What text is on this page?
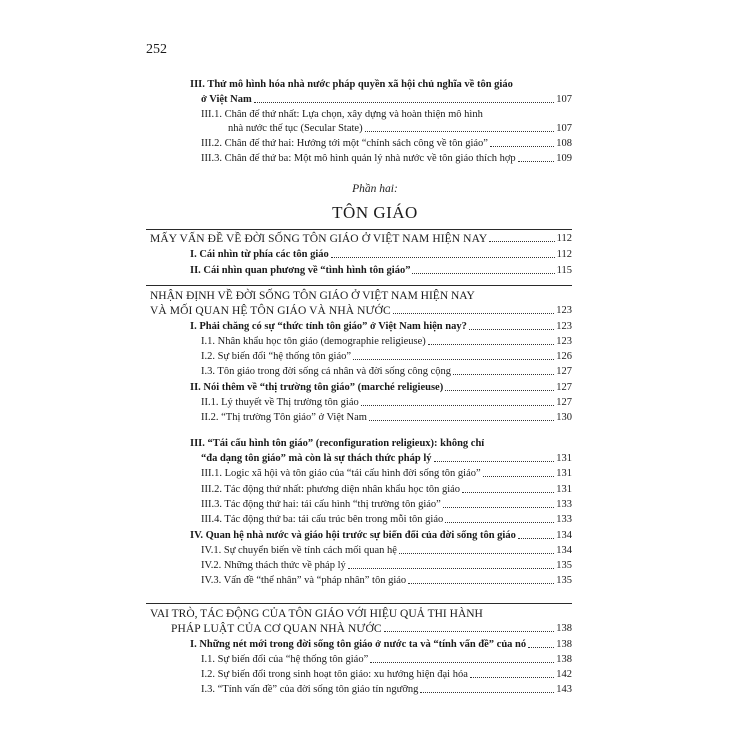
252
Phần hai:
TÔN GIÁO
III. Thử mô hình hóa nhà nước pháp quyền xã hội chủ nghĩa về tôn giáo
ở Việt Nam	107
III.1. Chân đế thứ nhất: Lựa chọn, xây dựng và hoàn thiện mô hình
nhà nước thế tục (Secular State)	107
III.2. Chân đế thứ hai: Hướng tới một “chính sách công về tôn giáo”	108
III.3. Chân đế thứ ba: Một mô hình quản lý nhà nước về tôn giáo thích hợp	109
MẤY VẤN ĐỀ VỀ ĐỜI SỐNG TÔN GIÁO Ở VIỆT NAM HIỆN NAY	112
I. Cái nhìn từ phía các tôn giáo	112
II. Cái nhìn quan phương về “tình hình tôn giáo”	115
NHẬN ĐỊNH VỀ ĐỜI SỐNG TÔN GIÁO Ở VIỆT NAM HIỆN NAY
VÀ MỐI QUAN HỆ TÔN GIÁO VÀ NHÀ NƯỚC	123
I. Phải chăng có sự “thức tỉnh tôn giáo” ở Việt Nam hiện nay?	123
I.1. Nhân khẩu học tôn giáo (demographie religieuse)	123
I.2. Sự biến đổi “hệ thống tôn giáo”	126
I.3. Tôn giáo trong đời sống cá nhân và đời sống công cộng	127
II. Nói thêm về “thị trường tôn giáo” (marché religieuse)	127
II.1. Lý thuyết về Thị trường tôn giáo	127
II.2. “Thị trường Tôn giáo” ở Việt Nam	130
III. “Tái cấu hình tôn giáo” (reconfiguration religieux): không chỉ
“đa dạng tôn giáo” mà còn là sự thách thức pháp lý	131
III.1. Logic xã hội và tôn giáo của “tái cấu hình đời sống tôn giáo”	131
III.2. Tác động thứ nhất: phương diện nhân khẩu học tôn giáo	131
III.3. Tác động thứ hai: tái cấu hình “thị trường tôn giáo”	133
III.4. Tác động thứ ba: tái cấu trúc bên trong mỗi tôn giáo	133
IV. Quan hệ nhà nước và giáo hội trước sự biến đổi của đời sống tôn giáo	134
IV.1. Sự chuyển biến về tính cách mối quan hệ	134
IV.2. Những thách thức về pháp lý	135
IV.3. Vấn đề “thể nhân” và “pháp nhân” tôn giáo	135
VAI TRÒ, TÁC ĐỘNG CỦA TÔN GIÁO VỚI HIỆU QUẢ THI HÀNH
PHÁP LUẬT CỦA CƠ QUAN NHÀ NƯỚC	138
I. Những nét mới trong đời sống tôn giáo ở nước ta và “tính vấn đề” của nó	138
I.1. Sự biến đổi của “hệ thống tôn giáo”	138
I.2. Sự biến đổi trong sinh hoạt tôn giáo: xu hướng hiện đại hóa	142
I.3. “Tính vấn đề” của đời sống tôn giáo tín ngưỡng	143
